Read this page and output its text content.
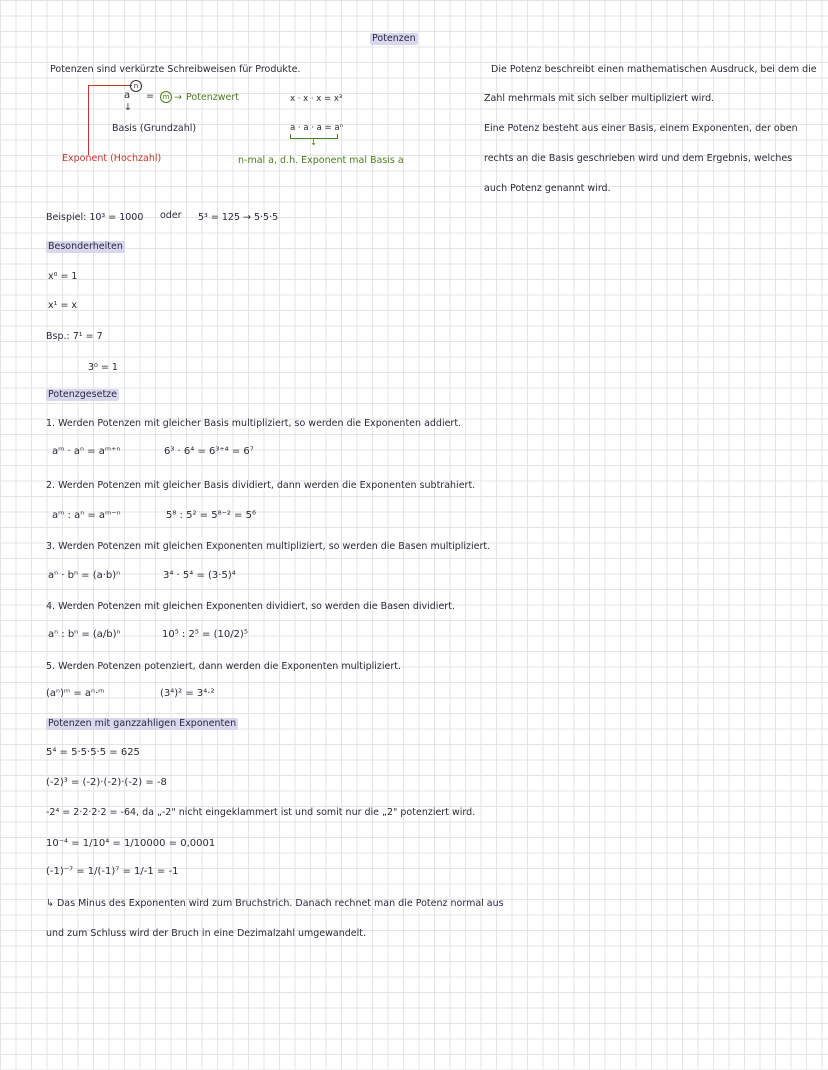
Potenzen
Potenzen sind verkürzte Schreibweisen für Produkte.
n
a =	m → Potenzwert
↓
Basis (Grundzahl)
Exponent (Hochzahl)
x · x · x = x³
a · a · a = aⁿ
↓
n-mal a, d.h. Exponent mal Basis a
Die Potenz beschreibt einen mathematischen Ausdruck, bei dem die
Zahl mehrmals mit sich selber multipliziert wird.
Eine Potenz besteht aus einer Basis, einem Exponenten, der oben
rechts an die Basis geschrieben wird und dem Ergebnis, welches
auch Potenz genannt wird.
Beispiel: 10³ = 1000 oder 5³ = 125 → 5·5·5
Besonderheiten
x⁰ = 1
x¹ = x
Bsp.: 7¹ = 7
3⁰ = 1
Potenzgesetze
1. Werden Potenzen mit gleicher Basis multipliziert, so werden die Exponenten addiert.
aᵐ · aⁿ = aᵐ⁺ⁿ	6³ · 6⁴ = 6³⁺⁴ = 6⁷
2. Werden Potenzen mit gleicher Basis dividiert, dann werden die Exponenten subtrahiert.
aᵐ : aⁿ = aᵐ⁻ⁿ	5⁸ : 5² = 5⁸⁻² = 5⁶
3. Werden Potenzen mit gleichen Exponenten multipliziert, so werden die Basen multipliziert.
aⁿ · bⁿ = (a·b)ⁿ	3⁴ · 5⁴ = (3·5)⁴
4. Werden Potenzen mit gleichen Exponenten dividiert, so werden die Basen dividiert.
aⁿ : bⁿ = (a/b)ⁿ	10⁵ : 2⁵ = (10/2)⁵
5. Werden Potenzen potenziert, dann werden die Exponenten multipliziert.
(aⁿ)ᵐ = aⁿ·ᵐ	(3⁴)² = 3⁴·²
Potenzen mit ganzzahligen Exponenten
5⁴ = 5·5·5·5 = 625
(-2)³ = (-2)·(-2)·(-2) = -8
-2⁴ = 2·2·2·2 = -64, da „-2" nicht eingeklammert ist und somit nur die „2" potenziert wird.
10⁻⁴ = 1/10⁴ = 1/10000 = 0,0001
(-1)⁻⁷ = 1/(-1)⁷ = 1/-1 = -1
↳ Das Minus des Exponenten wird zum Bruchstrich. Danach rechnet man die Potenz normal aus
und zum Schluss wird der Bruch in eine Dezimalzahl umgewandelt.
